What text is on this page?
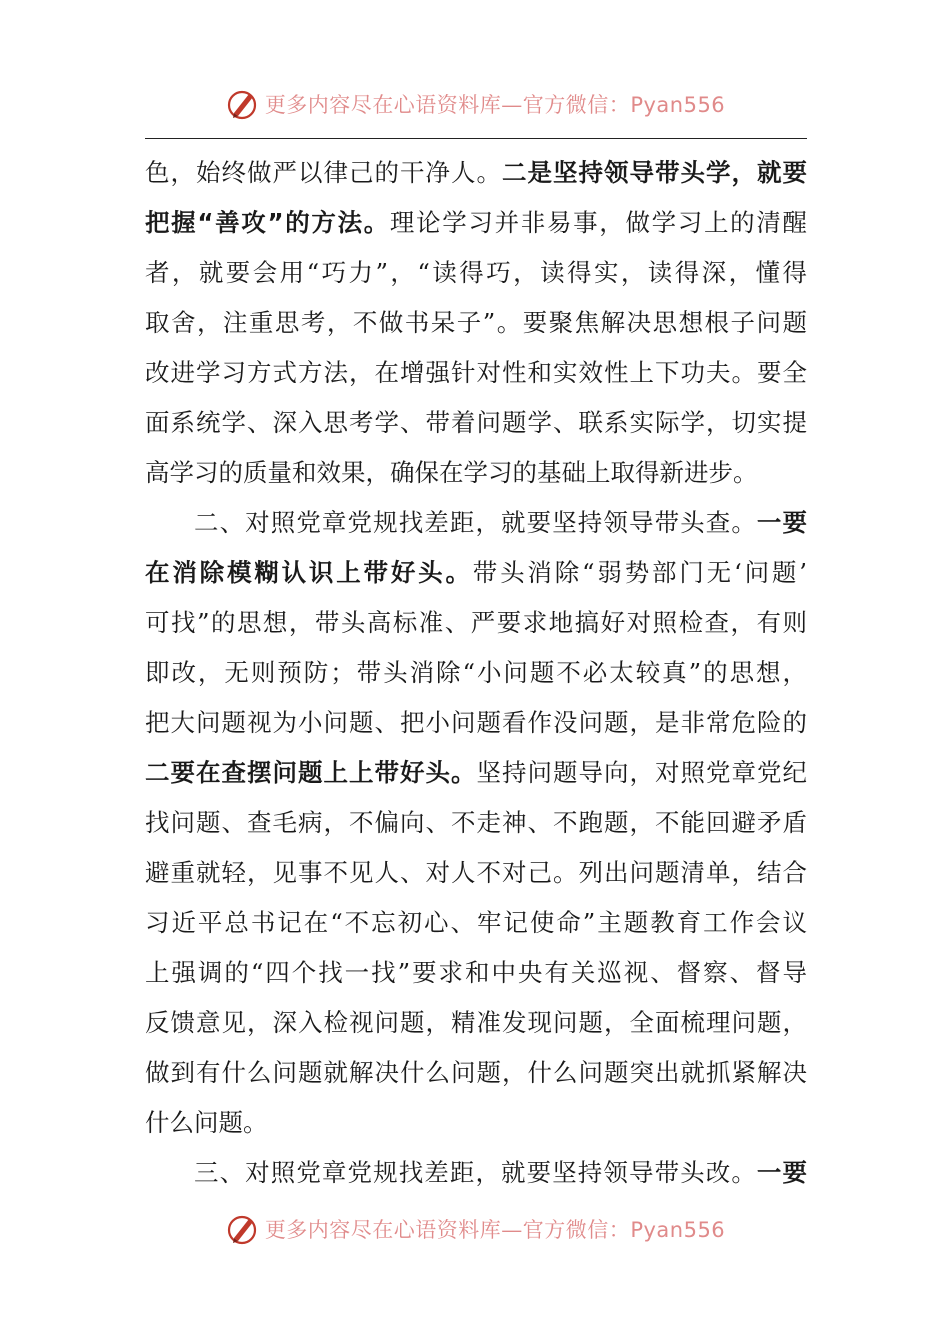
更多内容尽在心语资料库—官方微信：Pyan556
色，始终做严以律己的干净人。二是坚持领导带头学，就要
把握“善攻”的方法。理论学习并非易事，做学习上的清醒
者，就要会用“巧力”，“读得巧，读得实，读得深，懂得
取舍，注重思考，不做书呆子”。要聚焦解决思想根子问题
改进学习方式方法，在增强针对性和实效性上下功夫。要全
面系统学、深入思考学、带着问题学、联系实际学，切实提
高学习的质量和效果，确保在学习的基础上取得新进步。
二、对照党章党规找差距，就要坚持领导带头查。一要
在消除模糊认识上带好头。带头消除“弱势部门无‘问题’
可找”的思想，带头高标准、严要求地搞好对照检查，有则
即改，无则预防；带头消除“小问题不必太较真”的思想，
把大问题视为小问题、把小问题看作没问题，是非常危险的
二要在查摆问题上上带好头。坚持问题导向，对照党章党纪
找问题、查毛病，不偏向、不走神、不跑题，不能回避矛盾
避重就轻，见事不见人、对人不对己。列出问题清单，结合
习近平总书记在“不忘初心、牢记使命”主题教育工作会议
上强调的“四个找一找”要求和中央有关巡视、督察、督导
反馈意见，深入检视问题，精准发现问题，全面梳理问题，
做到有什么问题就解决什么问题，什么问题突出就抓紧解决
什么问题。
三、对照党章党规找差距，就要坚持领导带头改。一要
更多内容尽在心语资料库—官方微信：Pyan556
